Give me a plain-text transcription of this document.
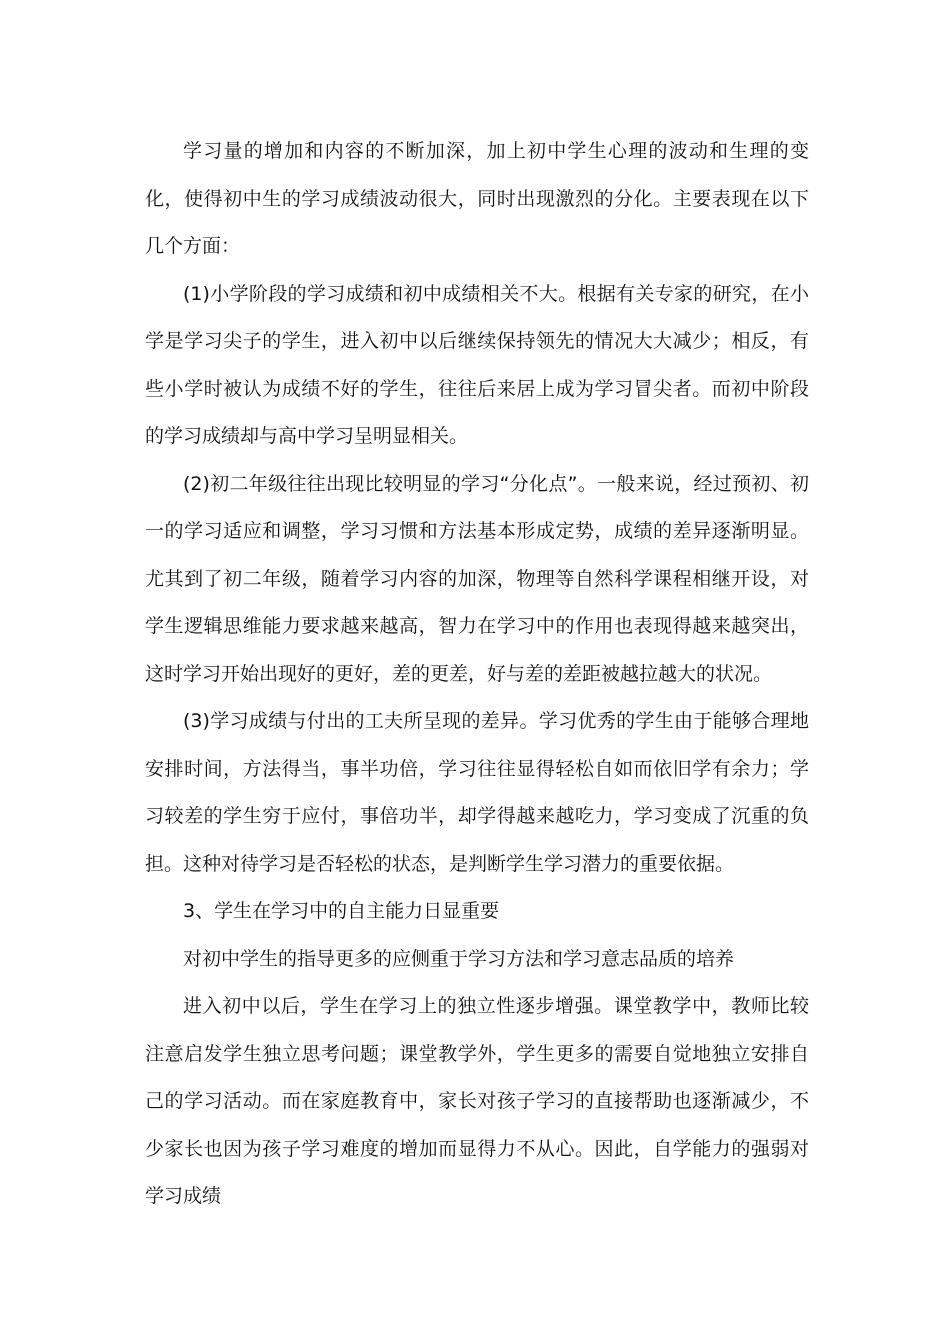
学习量的增加和内容的不断加深，加上初中学生心理的波动和生理的变化，使得初中生的学习成绩波动很大，同时出现激烈的分化。主要表现在以下几个方面：

(1)小学阶段的学习成绩和初中成绩相关不大。根据有关专家的研究，在小学是学习尖子的学生，进入初中以后继续保持领先的情况大大减少；相反，有些小学时被认为成绩不好的学生，往往后来居上成为学习冒尖者。而初中阶段的学习成绩却与高中学习呈明显相关。

(2)初二年级往往出现比较明显的学习“分化点”。一般来说，经过预初、初一的学习适应和调整，学习习惯和方法基本形成定势，成绩的差异逐渐明显。尤其到了初二年级，随着学习内容的加深，物理等自然科学课程相继开设，对学生逻辑思维能力要求越来越高，智力在学习中的作用也表现得越来越突出，这时学习开始出现好的更好，差的更差，好与差的差距被越拉越大的状况。

(3)学习成绩与付出的工夫所呈现的差异。学习优秀的学生由于能够合理地安排时间，方法得当，事半功倍，学习往往显得轻松自如而依旧学有余力；学习较差的学生穷于应付，事倍功半，却学得越来越吃力，学习变成了沉重的负担。这种对待学习是否轻松的状态，是判断学生学习潜力的重要依据。

3、学生在学习中的自主能力日显重要

对初中学生的指导更多的应侧重于学习方法和学习意志品质的培养

进入初中以后，学生在学习上的独立性逐步增强。课堂教学中，教师比较注意启发学生独立思考问题；课堂教学外，学生更多的需要自觉地独立安排自己的学习活动。而在家庭教育中，家长对孩子学习的直接帮助也逐渐减少，不少家长也因为孩子学习难度的增加而显得力不从心。因此，自学能力的强弱对学习成绩
